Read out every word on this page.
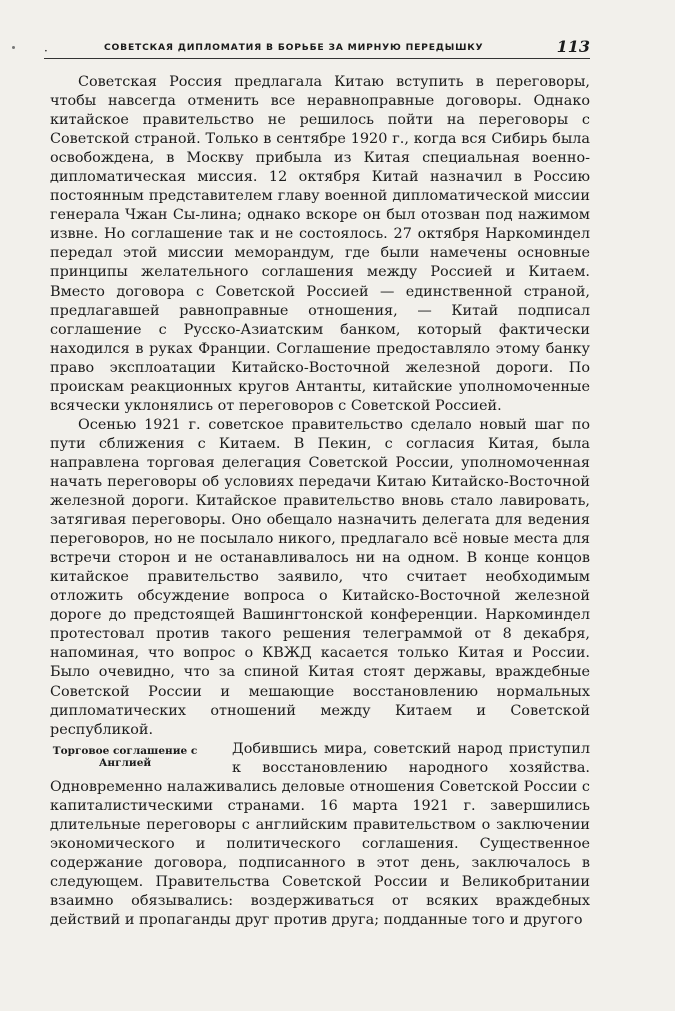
·	СОВЕТСКАЯ ДИПЛОМАТИЯ В БОРЬБЕ ЗА МИРНУЮ ПЕРЕДЫШКУ	113

Советская Россия предлагала Китаю вступить в переговоры, чтобы навсегда отменить все неравноправные договоры. Однако китайское правительство не решилось пойти на переговоры с Советской страной. Только в сентябре 1920 г., когда вся Сибирь была освобождена, в Москву прибыла из Китая специальная военно-дипломатическая миссия. 12 октября Китай назначил в Россию постоянным представителем главу военной дипломатической миссии генерала Чжан Сы-лина; однако вскоре он был отозван под нажимом извне. Но соглашение так и не состоялось. 27 октября Наркоминдел передал этой миссии меморандум, где были намечены основные принципы желательного соглашения между Россией и Китаем. Вместо договора с Советской Россией — единственной страной, предлагавшей равноправные отношения, — Китай подписал соглашение с Русско-Азиатским банком, который фактически находился в руках Франции. Соглашение предоставляло этому банку право эксплоатации Китайско-Восточной железной дороги. По проискам реакционных кругов Антанты, китайские уполномоченные всячески уклонялись от переговоров с Советской Россией.

Осенью 1921 г. советское правительство сделало новый шаг по пути сближения с Китаем. В Пекин, с согласия Китая, была направлена торговая делегация Советской России, уполномоченная начать переговоры об условиях передачи Китаю Китайско-Восточной железной дороги. Китайское правительство вновь стало лавировать, затягивая переговоры. Оно обещало назначить делегата для ведения переговоров, но не посылало никого, предлагало всё новые места для встречи сторон и не останавливалось ни на одном. В конце концов китайское правительство заявило, что считает необходимым отложить обсуждение вопроса о Китайско-Восточной железной дороге до предстоящей Вашингтонской конференции. Наркоминдел протестовал против такого решения телеграммой от 8 декабря, напоминая, что вопрос о КВЖД касается только Китая и России. Было очевидно, что за спиной Китая стоят державы, враждебные Советской России и мешающие восстановлению нормальных дипломатических отношений между Китаем и Советской республикой.

Торговое соглашение с Англией
Добившись мира, советский народ приступил к восстановлению народного хозяйства. Одновременно налаживались деловые отношения Советской России с капиталистическими странами. 16 марта 1921 г. завершились длительные переговоры с английским правительством о заключении экономического и политического соглашения. Существенное содержание договора, подписанного в этот день, заключалось в следующем. Правительства Советской России и Великобритании взаимно обязывались: воздерживаться от всяких враждебных действий и пропаганды друг против друга; подданные того и другого
